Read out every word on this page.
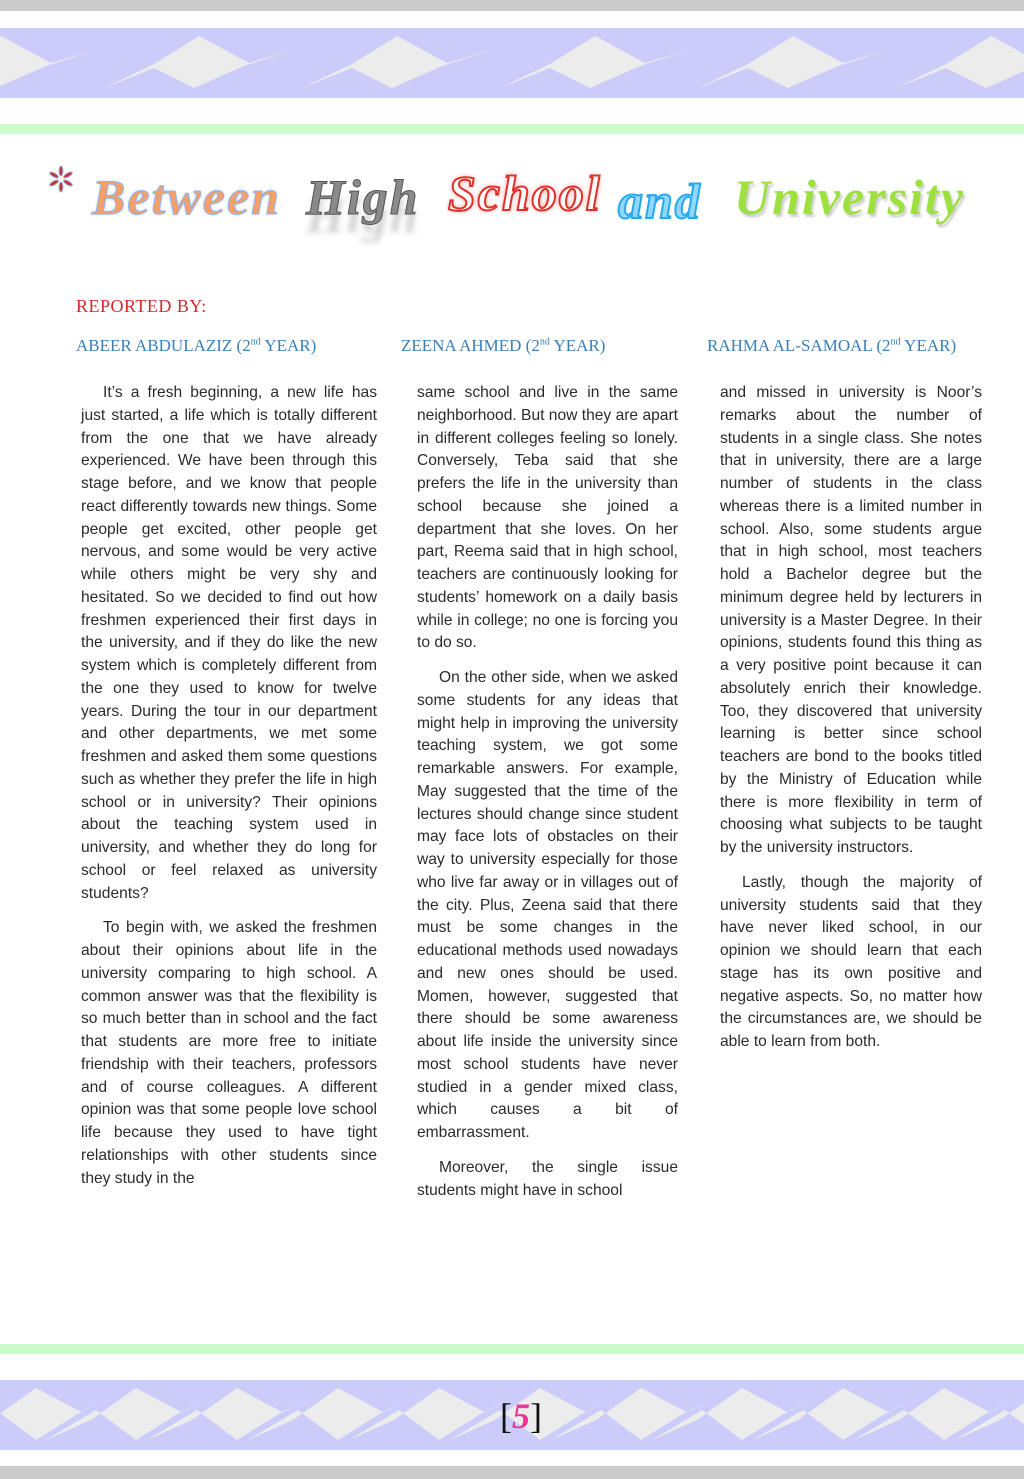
Between High School and University
REPORTED BY:
ABEER ABDULAZIZ (2nd YEAR)	ZEENA AHMED (2nd YEAR)	RAHMA AL-SAMOAL (2nd YEAR)

It’s a fresh beginning, a new life has just started, a life which is totally different from the one that we have already experienced. We have been through this stage before, and we know that people react differently towards new things. Some people get excited, other people get nervous, and some would be very active while others might be very shy and hesitated. So we decided to find out how freshmen experienced their first days in the university, and if they do like the new system which is completely different from the one they used to know for twelve years. During the tour in our department and other departments, we met some freshmen and asked them some questions such as whether they prefer the life in high school or in university? Their opinions about the teaching system used in university, and whether they do long for school or feel relaxed as university students?

To begin with, we asked the freshmen about their opinions about life in the university comparing to high school. A common answer was that the flexibility is so much better than in school and the fact that students are more free to initiate friendship with their teachers, professors and of course colleagues. A different opinion was that some people love school life because they used to have tight relationships with other students since they study in the

same school and live in the same neighborhood. But now they are apart in different colleges feeling so lonely. Conversely, Teba said that she prefers the life in the university than school because she joined a department that she loves. On her part, Reema said that in high school, teachers are continuously looking for students’ homework on a daily basis while in college; no one is forcing you to do so.

On the other side, when we asked some students for any ideas that might help in improving the university teaching system, we got some remarkable answers. For example, May suggested that the time of the lectures should change since student may face lots of obstacles on their way to university especially for those who live far away or in villages out of the city. Plus, Zeena said that there must be some changes in the educational methods used nowadays and new ones should be used. Momen, however, suggested that there should be some awareness about life inside the university since most school students have never studied in a gender mixed class, which causes a bit of embarrassment.

Moreover, the single issue students might have in school

and missed in university is Noor’s remarks about the number of students in a single class. She notes that in university, there are a large number of students in the class whereas there is a limited number in school. Also, some students argue that in high school, most teachers hold a Bachelor degree but the minimum degree held by lecturers in university is a Master Degree. In their opinions, students found this thing as a very positive point because it can absolutely enrich their knowledge. Too, they discovered that university learning is better since school teachers are bond to the books titled by the Ministry of Education while there is more flexibility in term of choosing what subjects to be taught by the university instructors.

Lastly, though the majority of university students said that they have never liked school, in our opinion we should learn that each stage has its own positive and negative aspects. So, no matter how the circumstances are, we should be able to learn from both.

[5]
